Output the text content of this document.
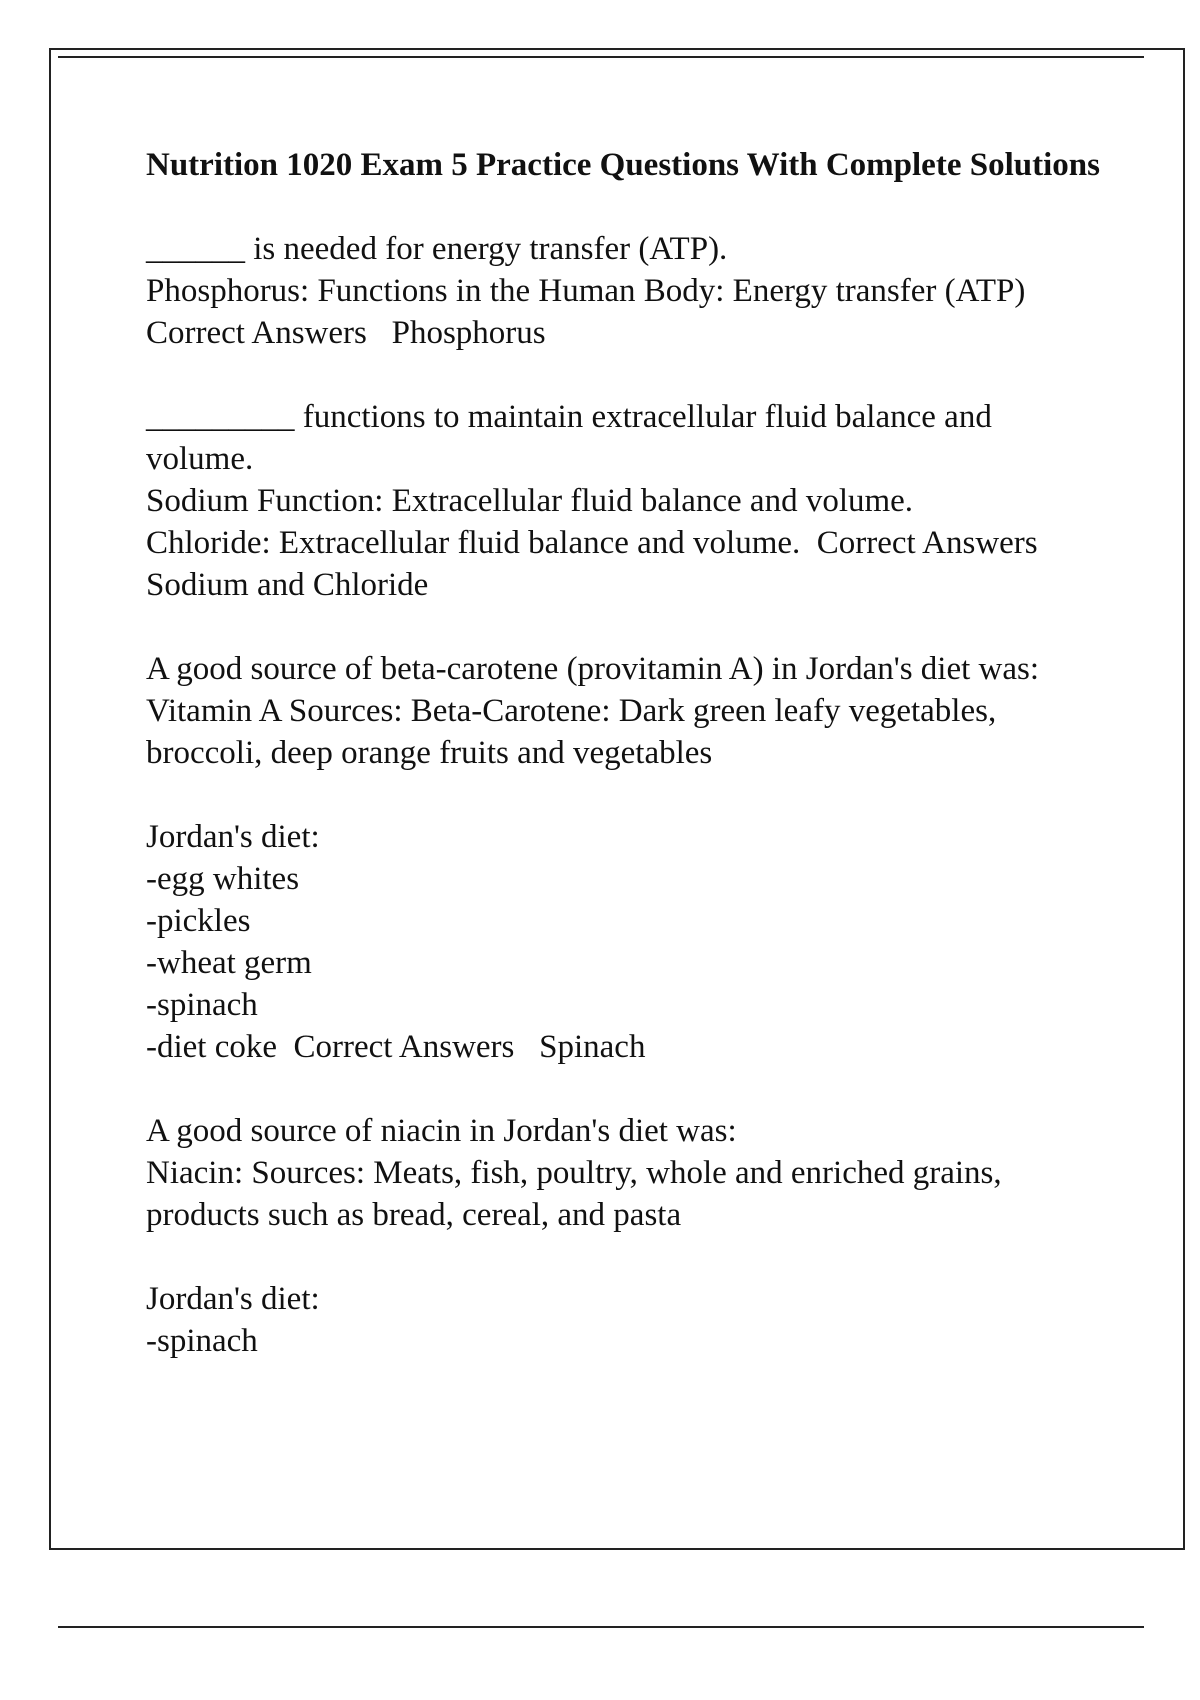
Nutrition 1020 Exam 5 Practice Questions With Complete Solutions
______ is needed for energy transfer (ATP).
Phosphorus: Functions in the Human Body: Energy transfer (ATP)  Correct Answers   Phosphorus
_________ functions to maintain extracellular fluid balance and volume.
Sodium Function: Extracellular fluid balance and volume.
Chloride: Extracellular fluid balance and volume.  Correct Answers   Sodium and Chloride
A good source of beta-carotene (provitamin A) in Jordan's diet was:
Vitamin A Sources: Beta-Carotene: Dark green leafy vegetables, broccoli, deep orange fruits and vegetables
Jordan's diet:
-egg whites
-pickles
-wheat germ
-spinach
-diet coke  Correct Answers   Spinach
A good source of niacin in Jordan's diet was:
Niacin: Sources: Meats, fish, poultry, whole and enriched grains, products such as bread, cereal, and pasta
Jordan's diet:
-spinach
